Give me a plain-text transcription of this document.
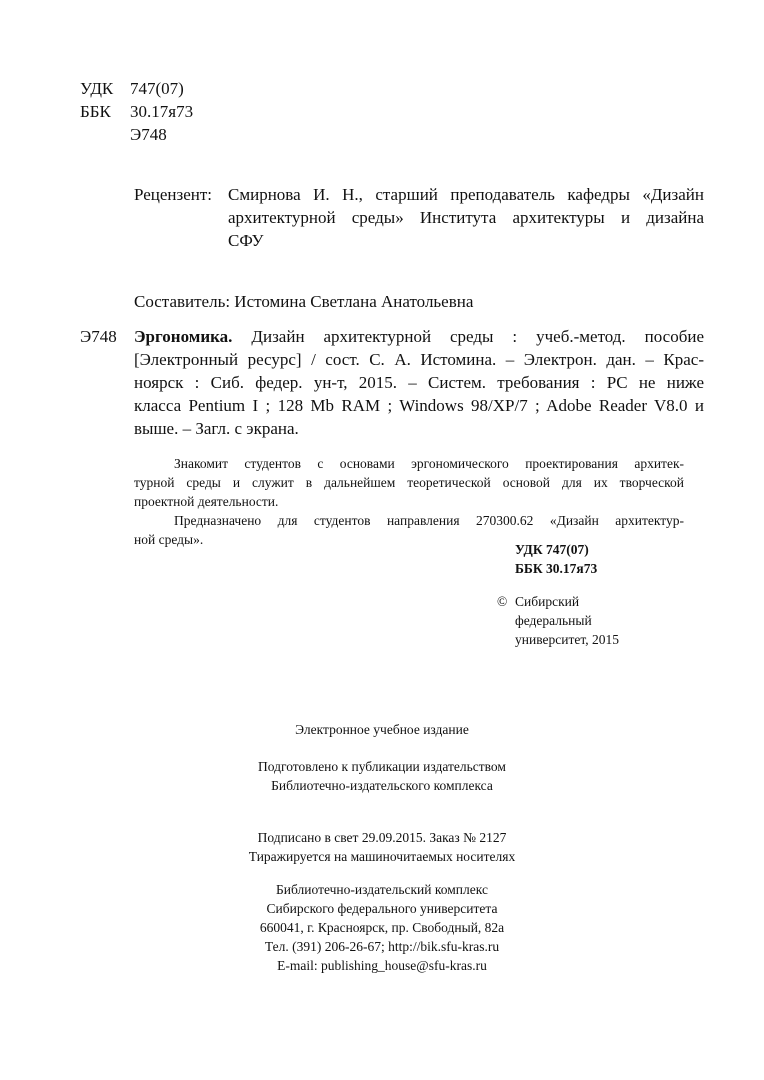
УДК 747(07)
ББК 30.17я73
Э748
Рецензент: Смирнова И. Н., старший преподаватель кафедры «Дизайн
архитектурной среды» Института архитектуры и дизайна
СФУ
Составитель: Истомина Светлана Анатольевна
Э748 Эргономика. Дизайн архитектурной среды : учеб.-метод. пособие
[Электронный ресурс] / сост. С. А. Истомина. – Электрон. дан. – Крас-
ноярск : Сиб. федер. ун-т, 2015. – Систем. требования : PC не ниже
класса Pentium I ; 128 Mb RAM ; Windows 98/XP/7 ; Adobe Reader V8.0 и
выше. – Загл. с экрана.
Знакомит студентов с основами эргономического проектирования архитек-
турной среды и служит в дальнейшем теоретической основой для их творческой
проектной деятельности.
Предназначено для студентов направления 270300.62 «Дизайн архитектур-
ной среды».
УДК 747(07)
ББК 30.17я73
© Сибирский
федеральный
университет, 2015
Электронное учебное издание
Подготовлено к публикации издательством
Библиотечно-издательского комплекса
Подписано в свет 29.09.2015. Заказ № 2127
Тиражируется на машиночитаемых носителях
Библиотечно-издательский комплекс
Сибирского федерального университета
660041, г. Красноярск, пр. Свободный, 82а
Тел. (391) 206-26-67; http://bik.sfu-kras.ru
E-mail: publishing_house@sfu-kras.ru
